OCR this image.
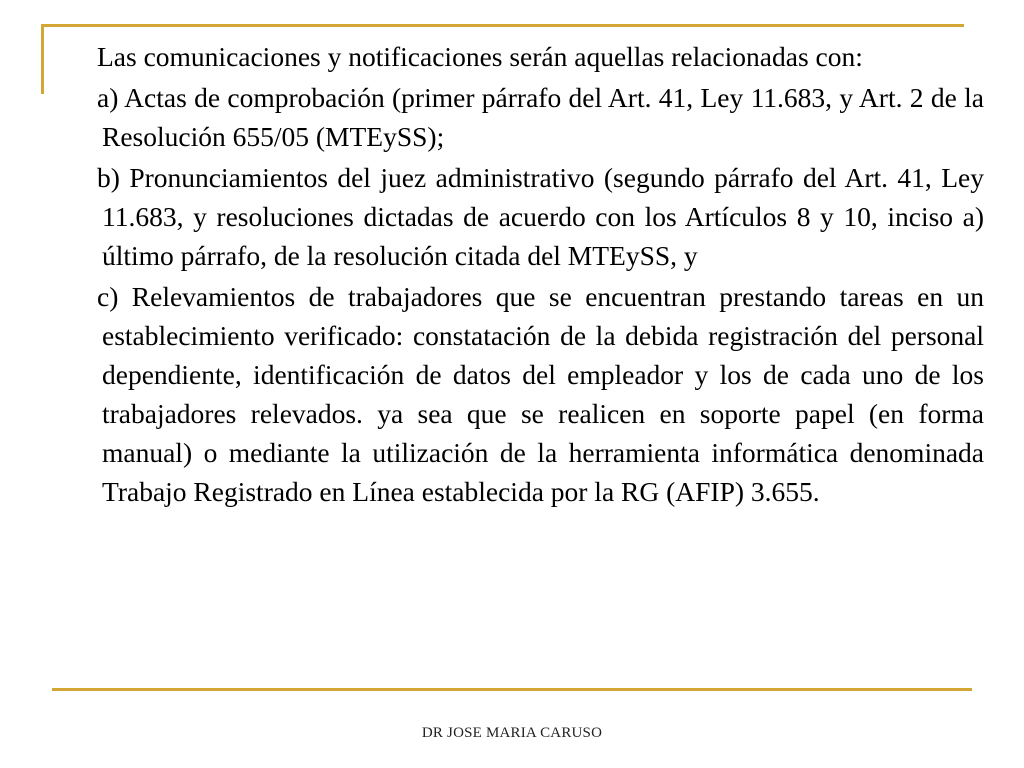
Las comunicaciones y notificaciones serán aquellas relacionadas con:

a) Actas de comprobación (primer párrafo del Art. 41, Ley 11.683, y Art. 2 de la Resolución 655/05 (MTEySS);

b) Pronunciamientos del juez administrativo (segundo párrafo del Art. 41, Ley 11.683, y resoluciones dictadas de acuerdo con los Artículos 8 y 10, inciso a) último párrafo, de la resolución citada del MTEySS, y

c) Relevamientos de trabajadores que se encuentran prestando tareas en un establecimiento verificado: constatación de la debida registración del personal dependiente, identificación de datos del empleador y los de cada uno de los trabajadores relevados. ya sea que se realicen en soporte papel (en forma manual) o mediante la utilización de la herramienta informática denominada Trabajo Registrado en Línea establecida por la RG (AFIP) 3.655.

DR JOSE MARIA CARUSO
